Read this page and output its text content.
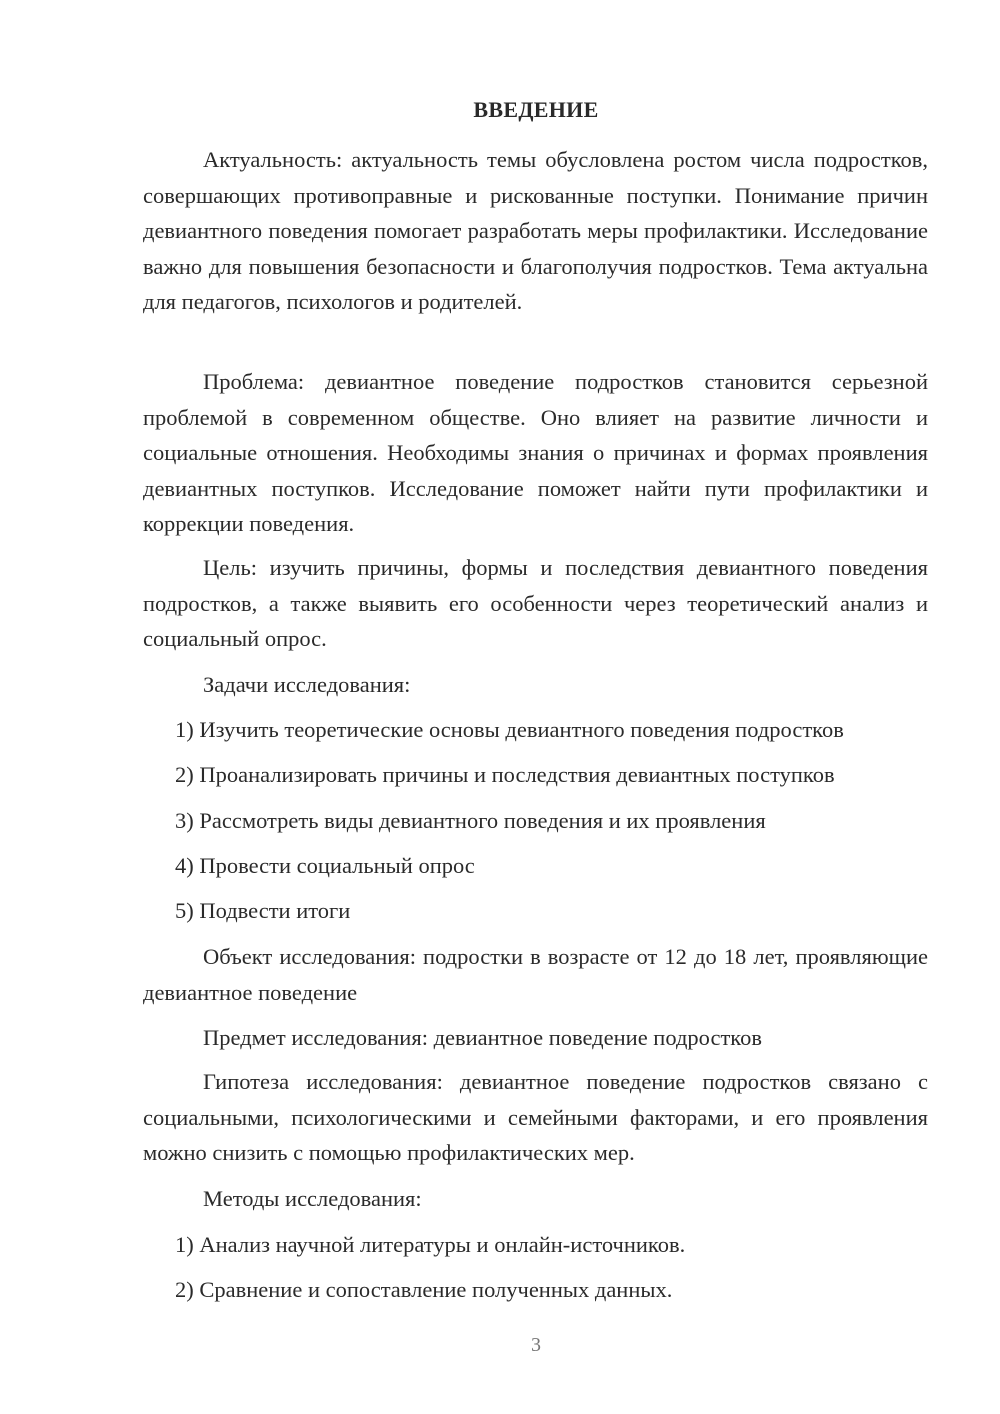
ВВЕДЕНИЕ

Актуальность: актуальность темы обусловлена ростом числа подростков, совершающих противоправные и рискованные поступки. Понимание причин девиантного поведения помогает разработать меры профилактики. Исследование важно для повышения безопасности и благополучия подростков. Тема актуальна для педагогов, психологов и родителей.

Проблема: девиантное поведение подростков становится серьезной проблемой в современном обществе. Оно влияет на развитие личности и социальные отношения. Необходимы знания о причинах и формах проявления девиантных поступков. Исследование поможет найти пути профилактики и коррекции поведения.

Цель: изучить причины, формы и последствия девиантного поведения подростков, а также выявить его особенности через теоретический анализ и социальный опрос.

Задачи исследования:

1) Изучить теоретические основы девиантного поведения подростков

2) Проанализировать причины и последствия девиантных поступков

3) Рассмотреть виды девиантного поведения и их проявления

4) Провести социальный опрос

5) Подвести итоги

Объект исследования: подростки в возрасте от 12 до 18 лет, проявляющие девиантное поведение

Предмет исследования: девиантное поведение подростков

Гипотеза исследования: девиантное поведение подростков связано с социальными, психологическими и семейными факторами, и его проявления можно снизить с помощью профилактических мер.

Методы исследования:

1) Анализ научной литературы и онлайн-источников.

2) Сравнение и сопоставление полученных данных.

3
